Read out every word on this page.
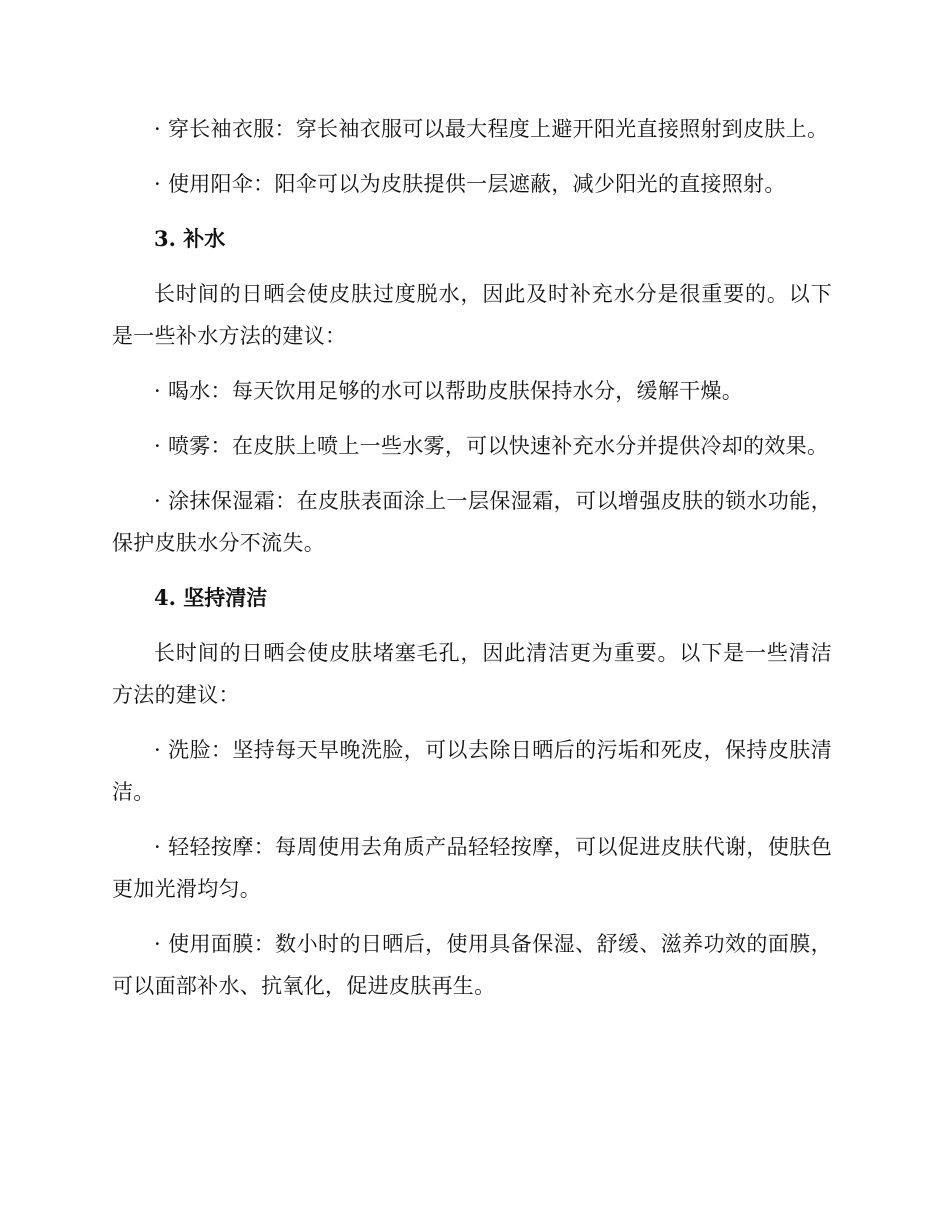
· 穿长袖衣服：穿长袖衣服可以最大程度上避开阳光直接照射到皮肤上。

· 使用阳伞：阳伞可以为皮肤提供一层遮蔽，减少阳光的直接照射。

3. 补水

长时间的日晒会使皮肤过度脱水，因此及时补充水分是很重要的。以下是一些补水方法的建议：

· 喝水：每天饮用足够的水可以帮助皮肤保持水分，缓解干燥。

· 喷雾：在皮肤上喷上一些水雾，可以快速补充水分并提供冷却的效果。

· 涂抹保湿霜：在皮肤表面涂上一层保湿霜，可以增强皮肤的锁水功能，保护皮肤水分不流失。

4. 坚持清洁

长时间的日晒会使皮肤堵塞毛孔，因此清洁更为重要。以下是一些清洁方法的建议：

· 洗脸：坚持每天早晚洗脸，可以去除日晒后的污垢和死皮，保持皮肤清洁。

· 轻轻按摩：每周使用去角质产品轻轻按摩，可以促进皮肤代谢，使肤色更加光滑均匀。

· 使用面膜：数小时的日晒后，使用具备保湿、舒缓、滋养功效的面膜，可以面部补水、抗氧化，促进皮肤再生。
